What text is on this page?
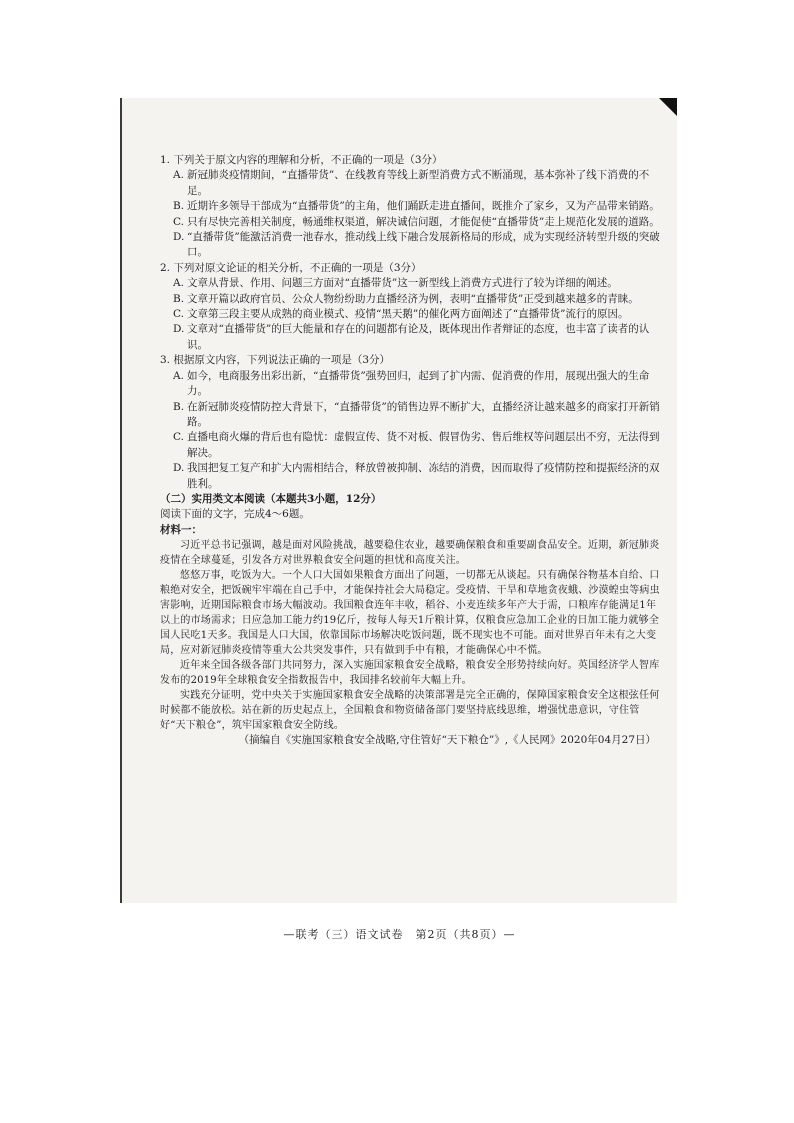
1. 下列关于原文内容的理解和分析，不正确的一项是（3分）

A. 新冠肺炎疫情期间，“直播带货”、在线教育等线上新型消费方式不断涌现，基本弥补了线下消费的不足。
B. 近期许多领导干部成为“直播带货”的主角，他们踊跃走进直播间，既推介了家乡，又为产品带来销路。
C. 只有尽快完善相关制度，畅通维权渠道，解决诚信问题，才能促使“直播带货”走上规范化发展的道路。
D. “直播带货”能激活消费一池春水，推动线上线下融合发展新格局的形成，成为实现经济转型升级的突破口。

2. 下列对原文论证的相关分析，不正确的一项是（3分）

A. 文章从背景、作用、问题三方面对“直播带货”这一新型线上消费方式进行了较为详细的阐述。
B. 文章开篇以政府官员、公众人物纷纷助力直播经济为例，表明“直播带货”正受到越来越多的青睐。
C. 文章第三段主要从成熟的商业模式、疫情“黑天鹅”的催化两方面阐述了“直播带货”流行的原因。
D. 文章对“直播带货”的巨大能量和存在的问题都有论及，既体现出作者辩证的态度，也丰富了读者的认识。

3. 根据原文内容，下列说法正确的一项是（3分）

A. 如今，电商服务出彩出新，“直播带货”强势回归，起到了扩内需、促消费的作用，展现出强大的生命力。
B. 在新冠肺炎疫情防控大背景下，“直播带货”的销售边界不断扩大，直播经济让越来越多的商家打开新销路。
C. 直播电商火爆的背后也有隐忧：虚假宣传、货不对板、假冒伪劣、售后维权等问题层出不穷，无法得到解决。
D. 我国把复工复产和扩大内需相结合，释放曾被抑制、冻结的消费，因而取得了疫情防控和提振经济的双胜利。

（二）实用类文本阅读（本题共3小题，12分）

阅读下面的文字，完成4～6题。

材料一：

习近平总书记强调，越是面对风险挑战，越要稳住农业，越要确保粮食和重要副食品安全。近期，新冠肺炎疫情在全球蔓延，引发各方对世界粮食安全问题的担忧和高度关注。

悠悠万事，吃饭为大。一个人口大国如果粮食方面出了问题，一切都无从谈起。只有确保谷物基本自给、口粮绝对安全，把饭碗牢牢端在自己手中，才能保持社会大局稳定。受疫情、干旱和草地贪夜蛾、沙漠蝗虫等病虫害影响，近期国际粮食市场大幅波动。我国粮食连年丰收，稻谷、小麦连续多年产大于需，口粮库存能满足1年以上的市场需求；日应急加工能力约19亿斤，按每人每天1斤粮计算，仅粮食应急加工企业的日加工能力就够全国人民吃1天多。我国是人口大国，依靠国际市场解决吃饭问题，既不现实也不可能。面对世界百年未有之大变局，应对新冠肺炎疫情等重大公共突发事件，只有做到手中有粮，才能确保心中不慌。

近年来全国各级各部门共同努力，深入实施国家粮食安全战略，粮食安全形势持续向好。英国经济学人智库发布的2019年全球粮食安全指数报告中，我国排名较前年大幅上升。

实践充分证明，党中央关于实施国家粮食安全战略的决策部署是完全正确的，保障国家粮食安全这根弦任何时候都不能放松。站在新的历史起点上，全国粮食和物资储备部门要坚持底线思维，增强忧患意识，守住管好“天下粮仓”，筑牢国家粮食安全防线。

（摘编自《实施国家粮食安全战略,守住管好“天下粮仓”》,《人民网》2020年04月27日）

—联考（三）语文试卷　第2页（共8页）—
